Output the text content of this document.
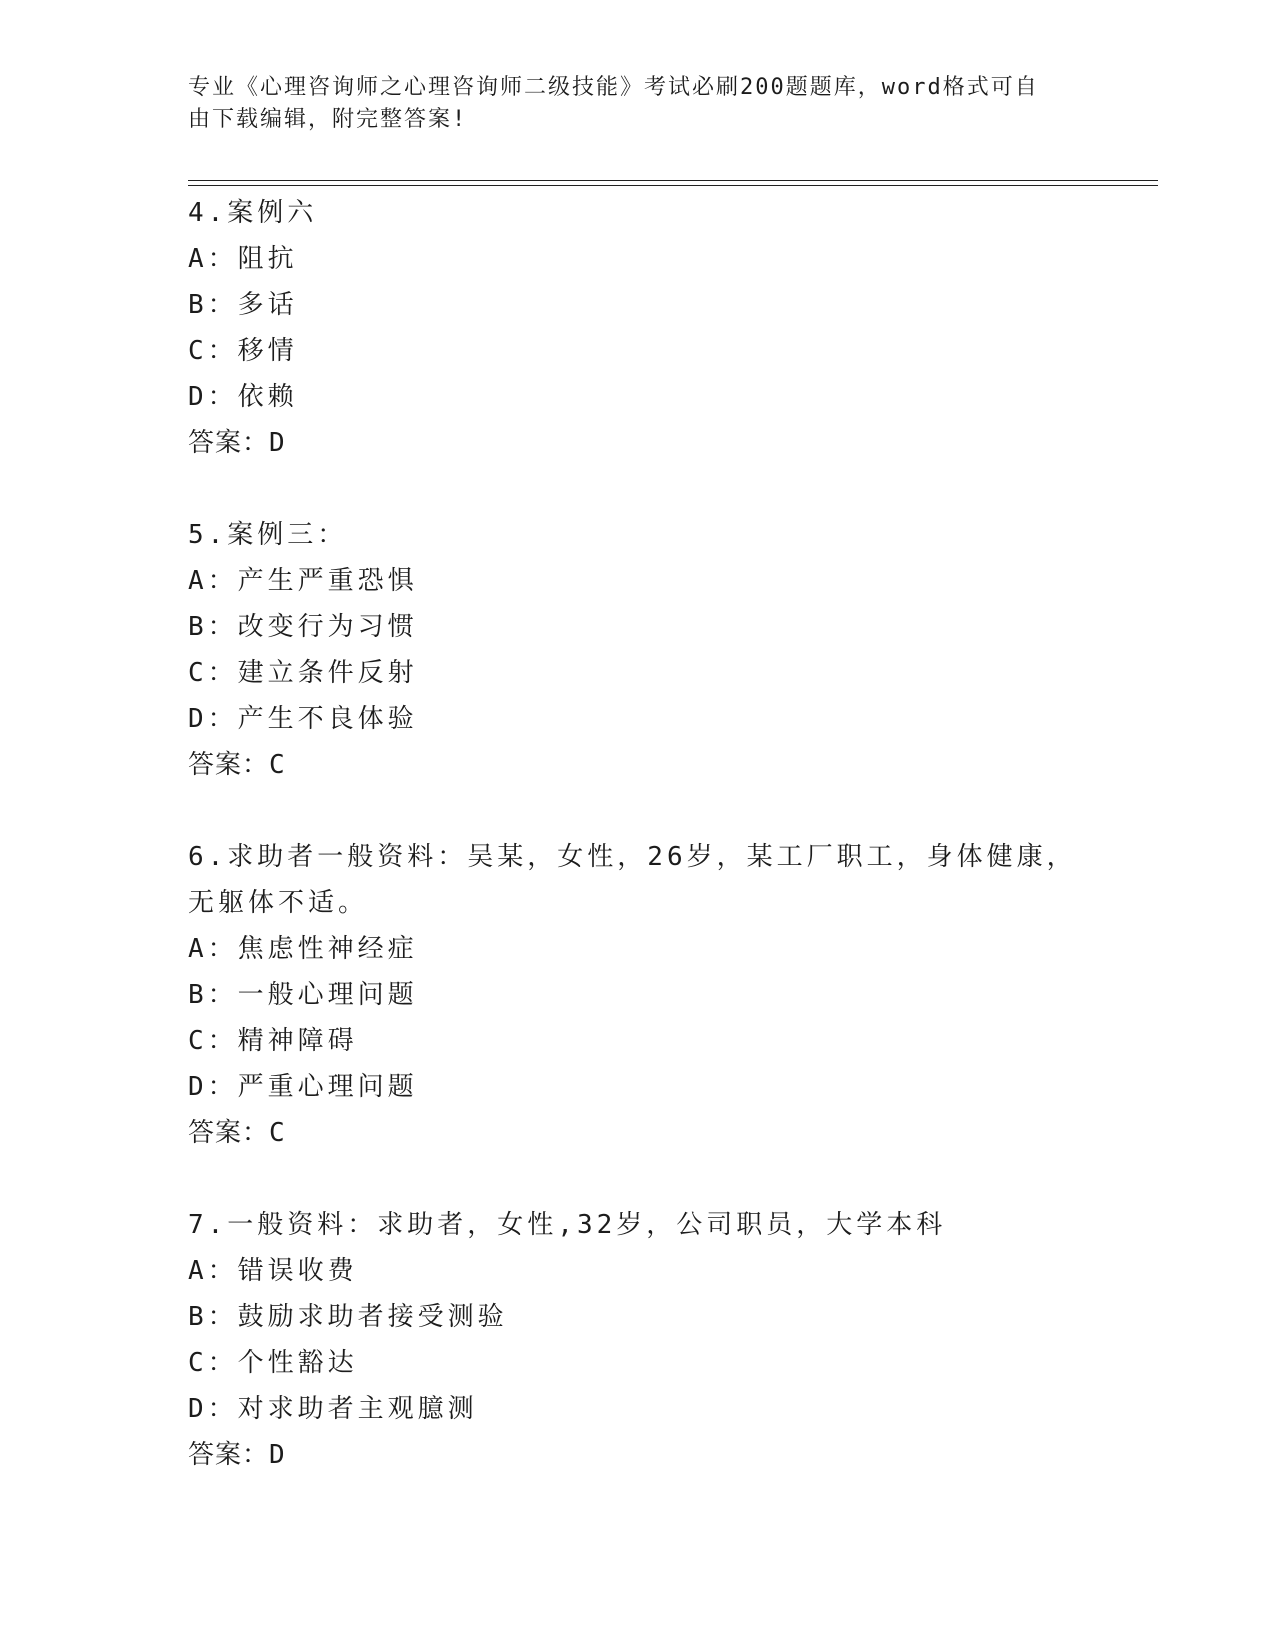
专业《心理咨询师之心理咨询师二级技能》考试必刷200题题库，word格式可自

由下载编辑，附完整答案!

4.案例六
A：阻抗
B：多话
C：移情
D：依赖
答案：D
5.案例三：
A：产生严重恐惧
B：改变行为习惯
C：建立条件反射
D：产生不良体验
答案：C
6.求助者一般资料：吴某，女性，26岁，某工厂职工，身体健康，无躯体不适。
A：焦虑性神经症
B：一般心理问题
C：精神障碍
D：严重心理问题
答案：C
7.一般资料：求助者，女性,32岁，公司职员，大学本科
A：错误收费
B：鼓励求助者接受测验
C：个性豁达
D：对求助者主观臆测
答案：D
